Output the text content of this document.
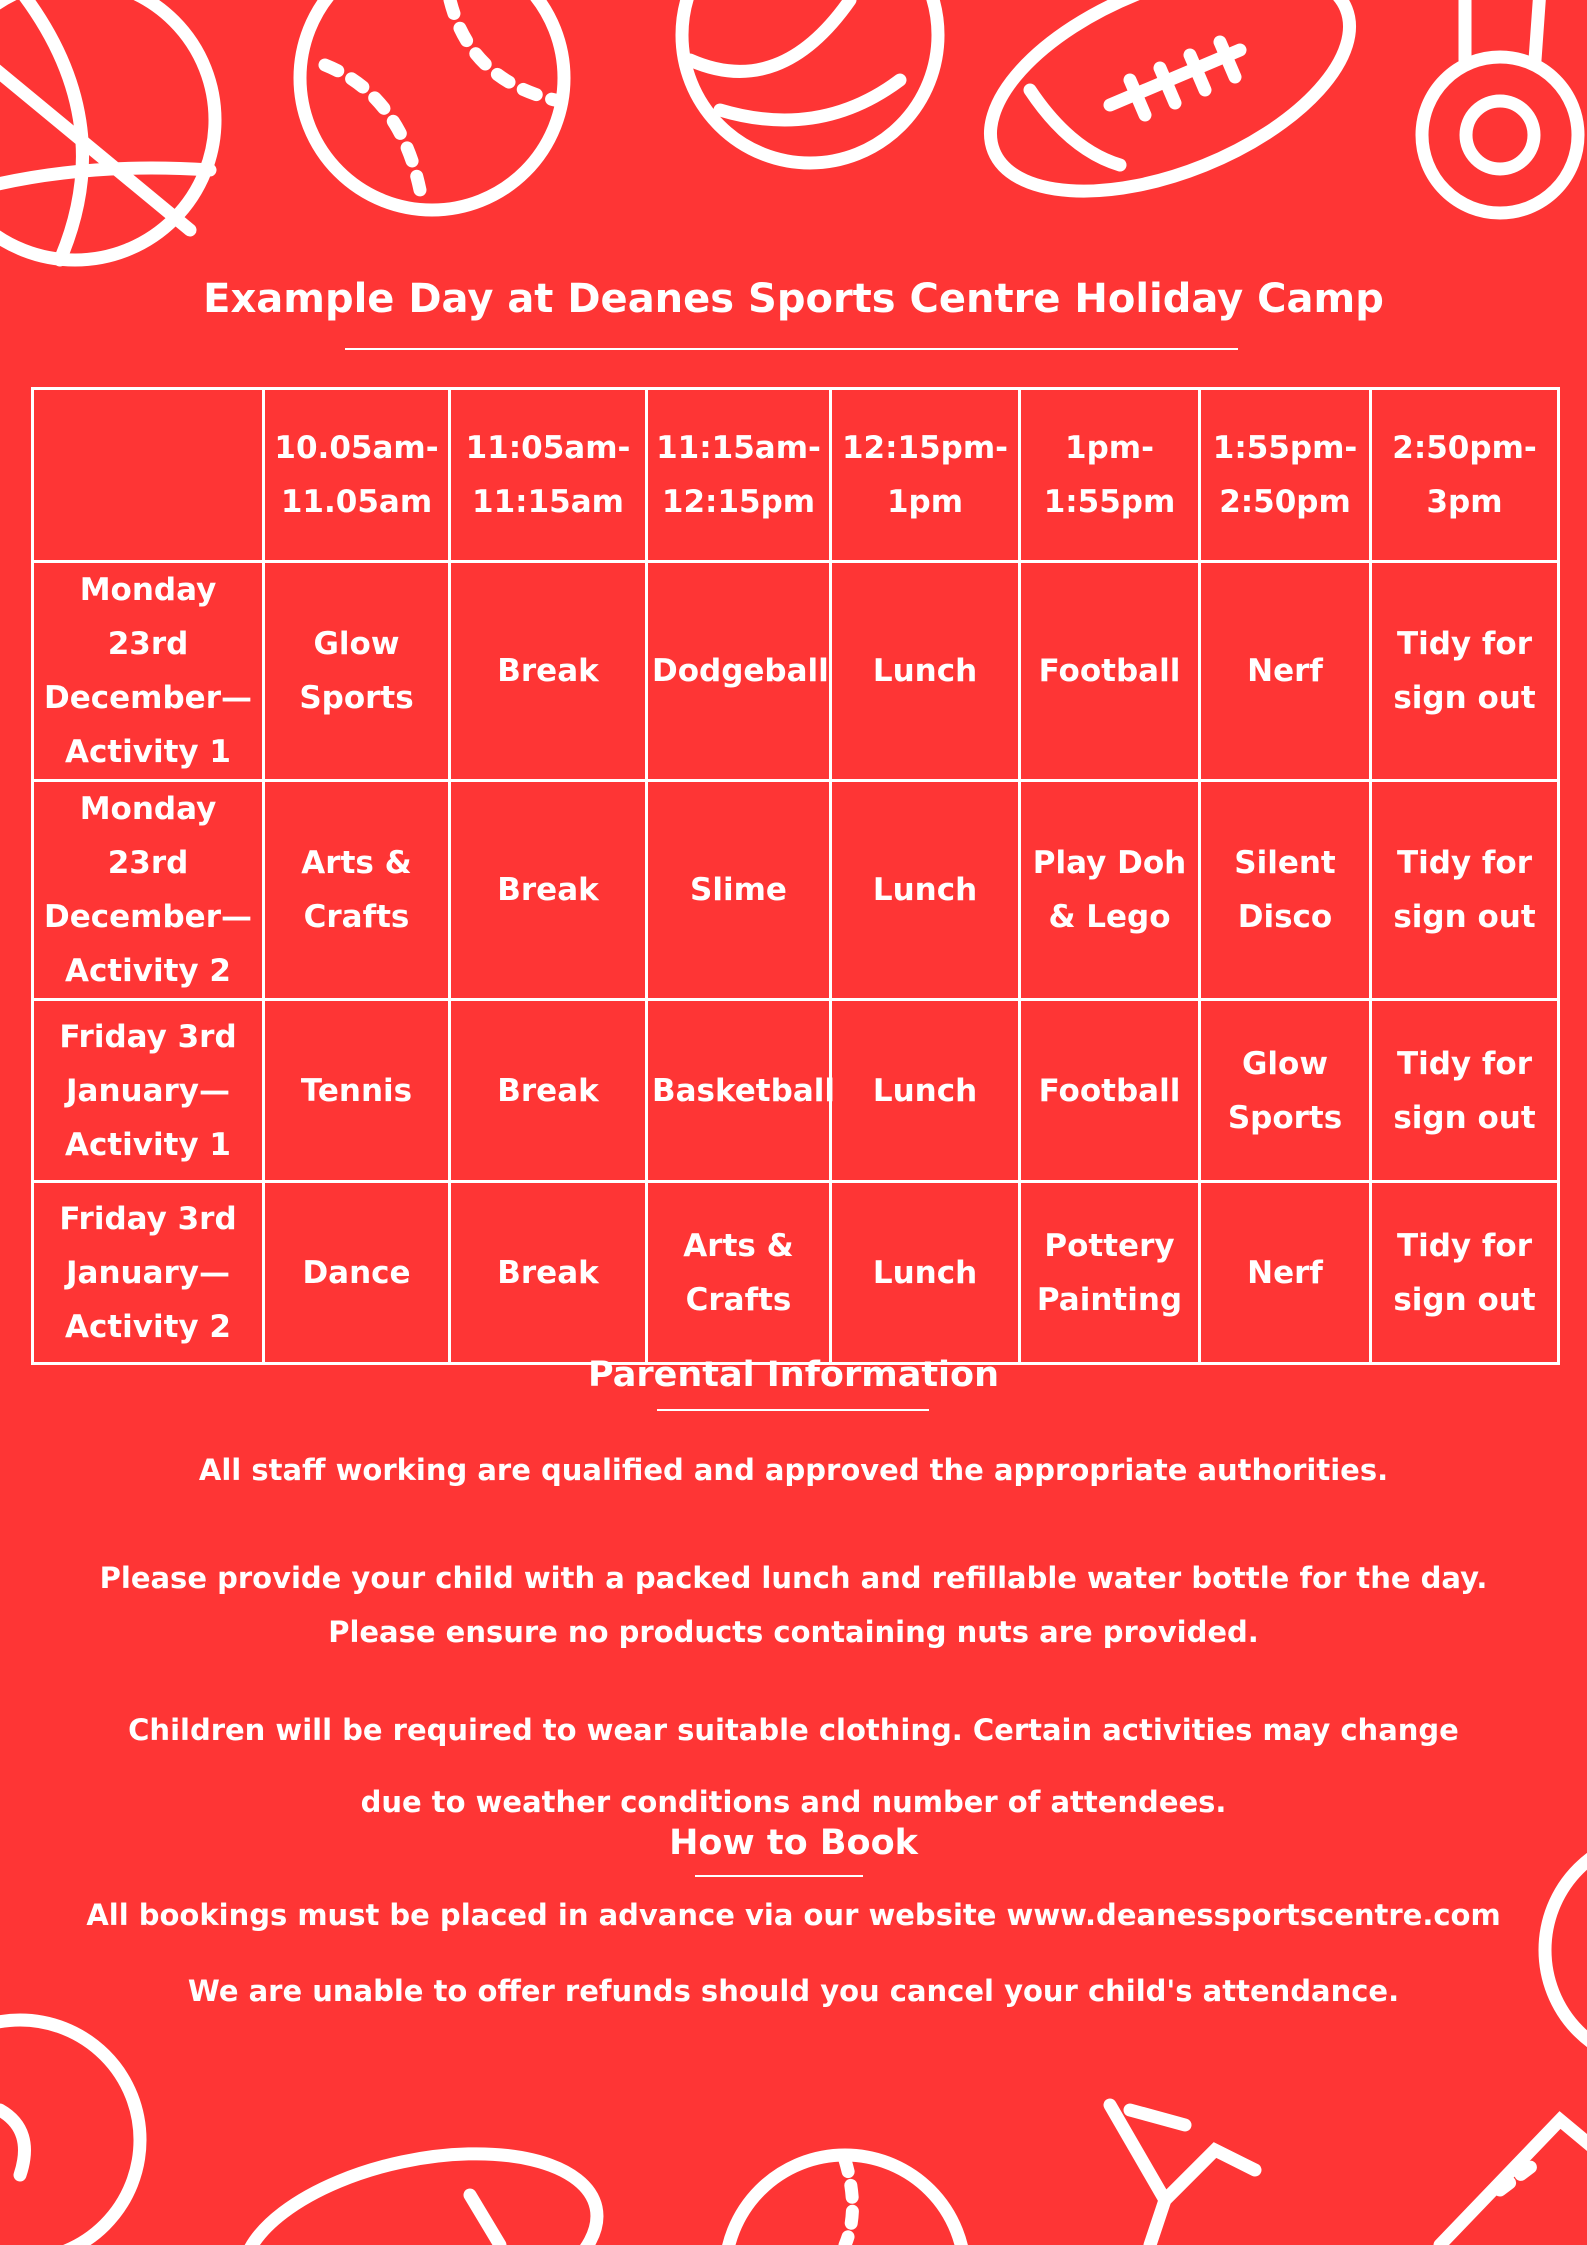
Example Day at Deanes Sports Centre Holiday Camp
	10.05am- 11.05am	11:05am- 11:15am	11:15am- 12:15pm	12:15pm- 1pm	1pm- 1:55pm	1:55pm- 2:50pm	2:50pm- 3pm
Monday 23rd December— Activity 1	Glow Sports	Break	Dodgeball	Lunch	Football	Nerf	Tidy for sign out
Monday 23rd December— Activity 2	Arts & Crafts	Break	Slime	Lunch	Play Doh & Lego	Silent Disco	Tidy for sign out
Friday 3rd January— Activity 1	Tennis	Break	Basketball	Lunch	Football	Glow Sports	Tidy for sign out
Friday 3rd January— Activity 2	Dance	Break	Arts & Crafts	Lunch	Pottery Painting	Nerf	Tidy for sign out
Parental Information
All staff working are qualified and approved the appropriate authorities.
Please provide your child with a packed lunch and refillable water bottle for the day. Please ensure no products containing nuts are provided.
Children will be required to wear suitable clothing. Certain activities may change due to weather conditions and number of attendees.
How to Book
All bookings must be placed in advance via our website www.deanessportscentre.com
We are unable to offer refunds should you cancel your child's attendance.
